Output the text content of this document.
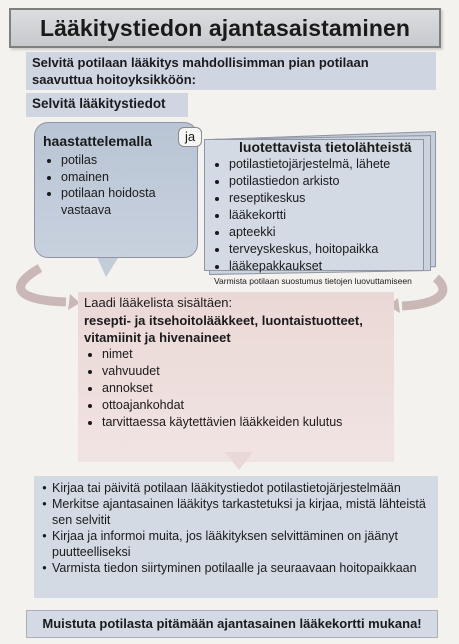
Lääkitystiedon ajantasaistaminen
Selvitä potilaan lääkitys mahdollisimman pian potilaan saavuttua hoitoyksikköön:
Selvitä lääkitystiedot
haastattelemalla
• potilas
• omainen
• potilaan hoidosta vastaava
ja
luotettavista tietolähteistä
• potilastietojärjestelmä, lähete
• potilastiedon arkisto
• reseptikeskus
• lääkekortti
• apteekki
• terveyskeskus, hoitopaikka
• lääkepakkaukset
Varmista potilaan suostumus tietojen luovuttamiseen
Laadi lääkelista sisältäen:
resepti- ja itsehoitolääkkeet, luontaistuotteet, vitamiinit ja hivenaineet
• nimet
• vahvuudet
• annokset
• ottoajankohdat
• tarvittaessa käytettävien lääkkeiden kulutus
● Kirjaa tai päivitä potilaan lääkitystiedot potilastietojärjestelmään
● Merkitse ajantasainen lääkitys tarkastetuksi ja kirjaa, mistä lähteistä sen selvitit
● Kirjaa ja informoi muita, jos lääkityksen selvittäminen on jäänyt puutteelliseksi
● Varmista tiedon siirtyminen potilaalle ja seuraavaan hoitopaikkaan
Muistuta potilasta pitämään ajantasainen lääkekortti mukana!
